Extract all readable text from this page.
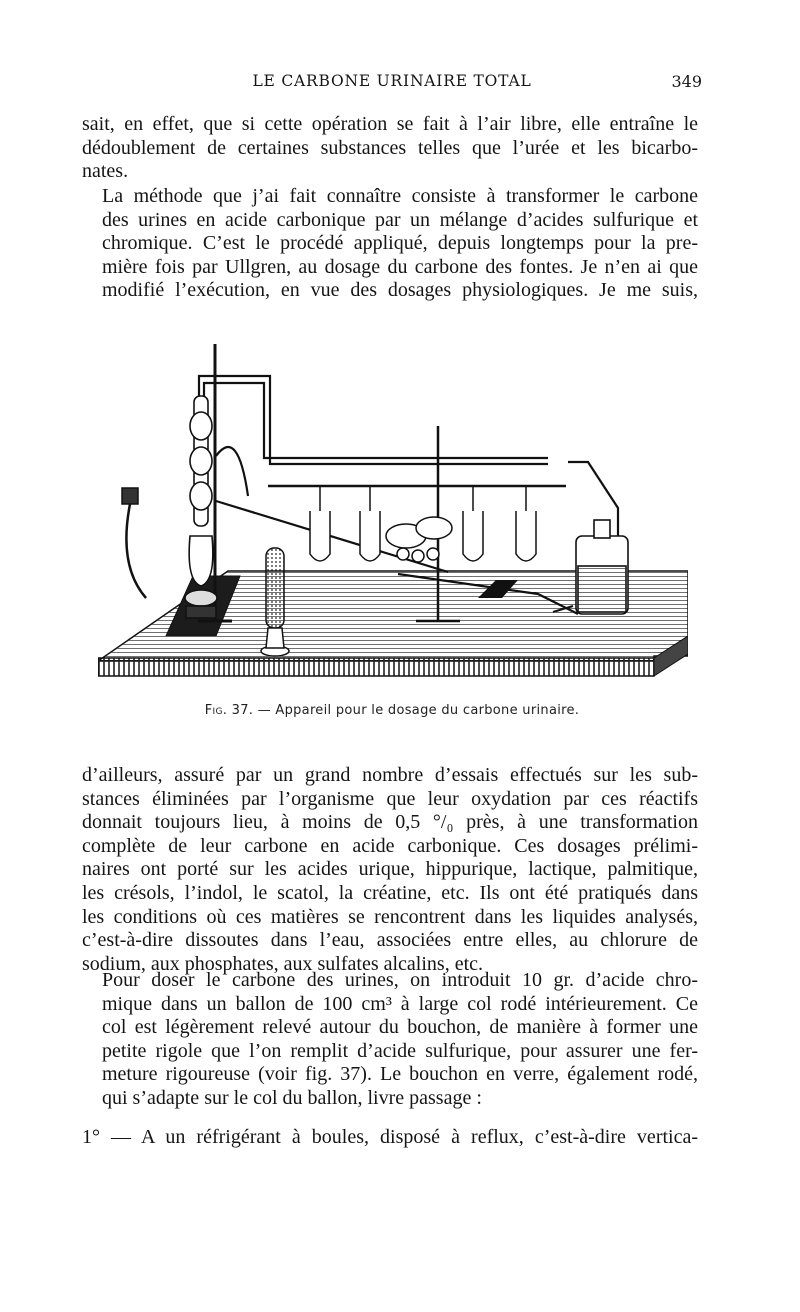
LE CARBONE URINAIRE TOTAL	349

sait, en effet, que si cette opération se fait à l’air libre, elle entraîne le
dédoublement de certaines substances telles que l’urée et les bicarbo-
nates.

La méthode que j’ai fait connaître consiste à transformer le carbone
des urines en acide carbonique par un mélange d’acides sulfurique et
chromique. C’est le procédé appliqué, depuis longtemps pour la pre-
mière fois par Ullgren, au dosage du carbone des fontes. Je n’en ai que
modifié l’exécution, en vue des dosages physiologiques. Je me suis,

Fig. 37. — Appareil pour le dosage du carbone urinaire.

d’ailleurs, assuré par un grand nombre d’essais effectués sur les sub-
stances éliminées par l’organisme que leur oxydation par ces réactifs
donnait toujours lieu, à moins de 0,5 °/₀ près, à une transformation
complète de leur carbone en acide carbonique. Ces dosages prélimi-
naires ont porté sur les acides urique, hippurique, lactique, palmitique,
les crésols, l’indol, le scatol, la créatine, etc. Ils ont été pratiqués dans
les conditions où ces matières se rencontrent dans les liquides analysés,
c’est-à-dire dissoutes dans l’eau, associées entre elles, au chlorure de
sodium, aux phosphates, aux sulfates alcalins, etc.

Pour doser le carbone des urines, on introduit 10 gr. d’acide chro-
mique dans un ballon de 100 cm³ à large col rodé intérieurement. Ce
col est légèrement relevé autour du bouchon, de manière à former une
petite rigole que l’on remplit d’acide sulfurique, pour assurer une fer-
meture rigoureuse (voir fig. 37). Le bouchon en verre, également rodé,
qui s’adapte sur le col du ballon, livre passage :

1° — A un réfrigérant à boules, disposé à reflux, c’est-à-dire vertica-
